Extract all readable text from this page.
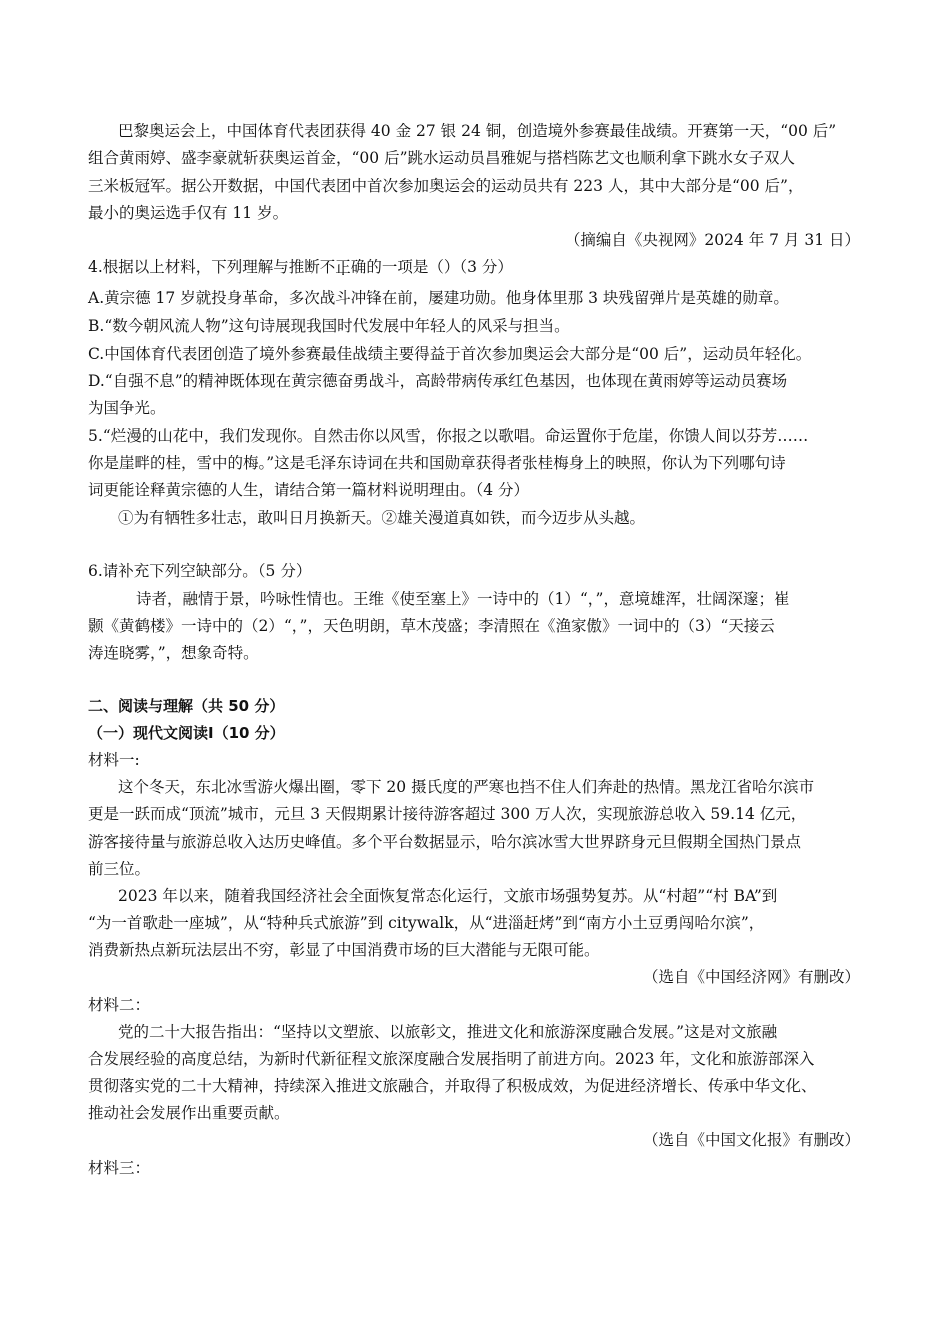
巴黎奥运会上，中国体育代表团获得 40 金 27 银 24 铜，创造境外参赛最佳战绩。开赛第一天，“00 后”
组合黄雨婷、盛李豪就斩获奥运首金，“00 后”跳水运动员昌雅妮与搭档陈艺文也顺利拿下跳水女子双人
三米板冠军。据公开数据，中国代表团中首次参加奥运会的运动员共有 223 人，其中大部分是“00 后”，
最小的奥运选手仅有 11 岁。
（摘编自《央视网》2024 年 7 月 31 日）
4.根据以上材料，下列理解与推断不正确的一项是（）（3 分）
A.黄宗德 17 岁就投身革命，多次战斗冲锋在前，屡建功勋。他身体里那 3 块残留弹片是英雄的勋章。
B.“数今朝风流人物”这句诗展现我国时代发展中年轻人的风采与担当。
C.中国体育代表团创造了境外参赛最佳战绩主要得益于首次参加奥运会大部分是“00 后”，运动员年轻化。
D.“自强不息”的精神既体现在黄宗德奋勇战斗，高龄带病传承红色基因，也体现在黄雨婷等运动员赛场
为国争光。
5.“烂漫的山花中，我们发现你。自然击你以风雪，你报之以歌唱。命运置你于危崖，你馈人间以芬芳……
你是崖畔的桂，雪中的梅。”这是毛泽东诗词在共和国勋章获得者张桂梅身上的映照，你认为下列哪句诗
词更能诠释黄宗德的人生，请结合第一篇材料说明理由。（4 分）
①为有牺牲多壮志，敢叫日月换新天。②雄关漫道真如铁，而今迈步从头越。
6.请补充下列空缺部分。（5 分）
诗者，融情于景，吟咏性情也。王维《使至塞上》一诗中的（1）“，”，意境雄浑，壮阔深邃；崔
颢《黄鹤楼》一诗中的（2）“，”，天色明朗，草木茂盛；李清照在《渔家傲》一词中的（3）“天接云
涛连晓雾，”，想象奇特。
二、阅读与理解（共 50 分）
（一）现代文阅读Ⅰ（10 分）
材料一:
这个冬天，东北冰雪游火爆出圈，零下 20 摄氏度的严寒也挡不住人们奔赴的热情。黑龙江省哈尔滨市
更是一跃而成“顶流”城市，元旦 3 天假期累计接待游客超过 300 万人次，实现旅游总收入 59.14 亿元，
游客接待量与旅游总收入达历史峰值。多个平台数据显示，哈尔滨冰雪大世界跻身元旦假期全国热门景点
前三位。
2023 年以来，随着我国经济社会全面恢复常态化运行，文旅市场强势复苏。从“村超”“村 BA”到
“为一首歌赴一座城”，从“特种兵式旅游”到 citywalk，从“进淄赶烤”到“南方小土豆勇闯哈尔滨”，
消费新热点新玩法层出不穷，彰显了中国消费市场的巨大潜能与无限可能。
（选自《中国经济网》有删改）
材料二：
党的二十大报告指出：“坚持以文塑旅、以旅彰文，推进文化和旅游深度融合发展。”这是对文旅融
合发展经验的高度总结，为新时代新征程文旅深度融合发展指明了前进方向。2023 年，文化和旅游部深入
贯彻落实党的二十大精神，持续深入推进文旅融合，并取得了积极成效，为促进经济增长、传承中华文化、
推动社会发展作出重要贡献。
（选自《中国文化报》有删改）
材料三：
